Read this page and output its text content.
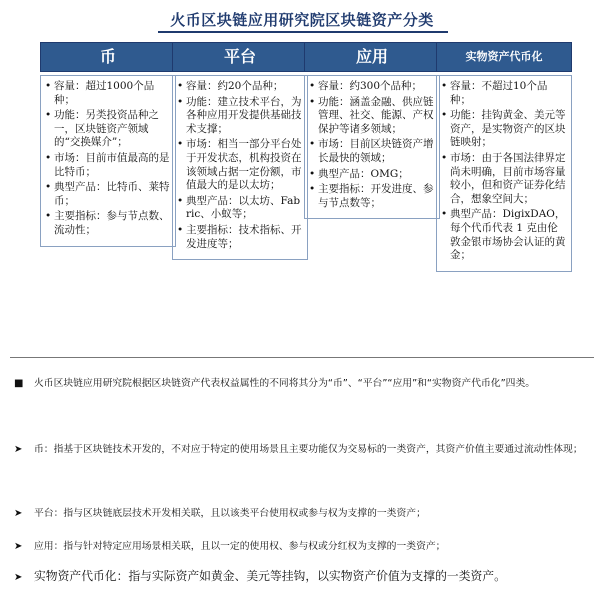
火币区块链应用研究院区块链资产分类
币
• 容量：超过1000个品种；
• 功能：另类投资品种之一，区块链资产领域的“交换媒介”；
• 市场：目前市值最高的是比特币；
• 典型产品：比特币、莱特币；
• 主要指标：参与节点数、流动性；
平台
• 容量：约20个品种；
• 功能：建立技术平台，为各种应用开发提供基础技术支撑；
• 市场：相当一部分平台处于开发状态，机构投资在该领域占据一定份额，市值最大的是以太坊；
• 典型产品：以太坊、Fabric、小蚁等；
• 主要指标：技术指标、开发进度等；
应用
• 容量：约300个品种；
• 功能：涵盖金融、供应链管理、社交、能源、产权保护等诸多领域；
• 市场：目前区块链资产增长最快的领域；
• 典型产品：OMG；
• 主要指标：开发进度、参与节点数等；
实物资产代币化
• 容量：不超过10个品种；
• 功能：挂钩黄金、美元等资产，是实物资产的区块链映射；
• 市场：由于各国法律界定尚未明确，目前市场容量较小，但和资产证券化结合，想象空间大；
• 典型产品：DigixDAO，每个代币代表 1 克由伦敦金银市场协会认证的黄金；
■ 火币区块链应用研究院根据区块链资产代表权益属性的不同将其分为“币”、“平台”“应用”和“实物资产代币化”四类。
➤ 币：指基于区块链技术开发的，不对应于特定的使用场景且主要功能仅为交易标的一类资产，其资产价值主要通过流动性体现；
➤ 平台：指与区块链底层技术开发相关联，且以该类平台使用权或参与权为支撑的一类资产；
➤ 应用：指与针对特定应用场景相关联，且以一定的使用权、参与权或分红权为支撑的一类资产；
➤ 实物资产代币化：指与实际资产如黄金、美元等挂钩，以实物资产价值为支撑的一类资产。
